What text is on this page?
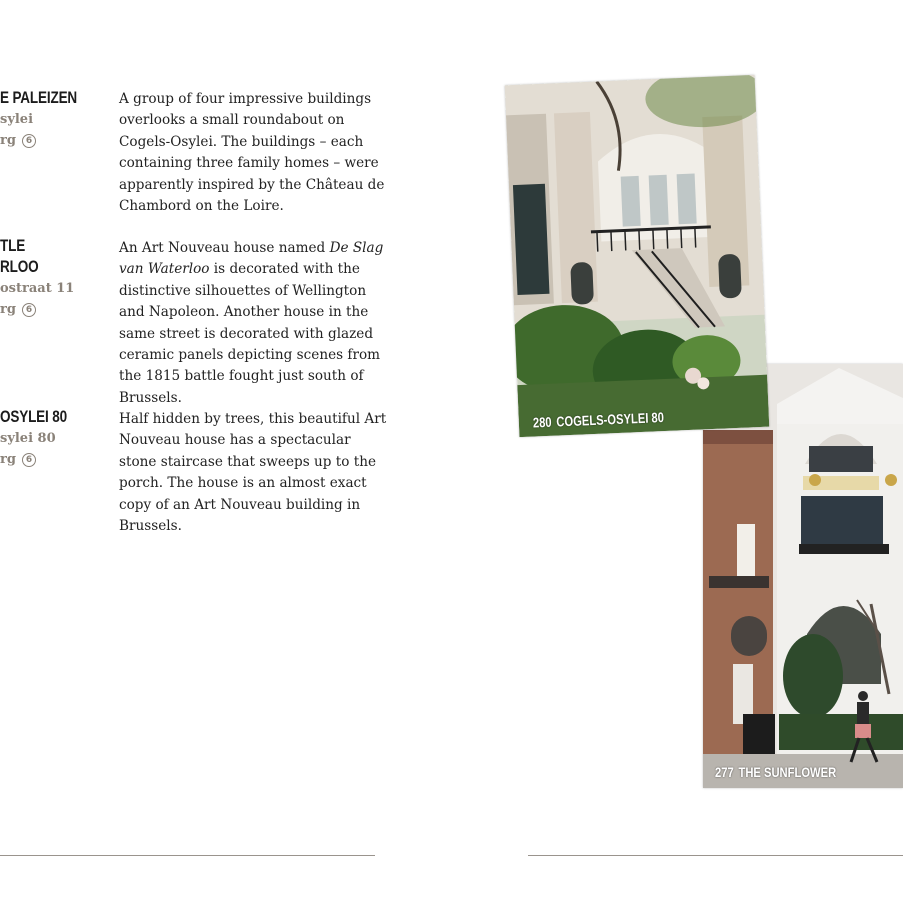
E PALEIZEN
sylei
rg 6
A group of four impressive buildings overlooks a small roundabout on Cogels-Osylei. The buildings – each containing three family homes – were apparently inspired by the Château de Chambord on the Loire.
TLE
RLOO
ostraat 11
rg 6
An Art Nouveau house named De Slag van Waterloo is decorated with the distinctive silhouettes of Wellington and Napoleon. Another house in the same street is decorated with glazed ceramic panels depicting scenes from the 1815 battle fought just south of Brussels.
OSYLEI 80
sylei 80
rg 6
Half hidden by trees, this beautiful Art Nouveau house has a spectacular stone staircase that sweeps up to the porch. The house is an almost exact copy of an Art Nouveau building in Brussels.
277 THE SUNFLOWER
280 COGELS-OSYLEI 80
